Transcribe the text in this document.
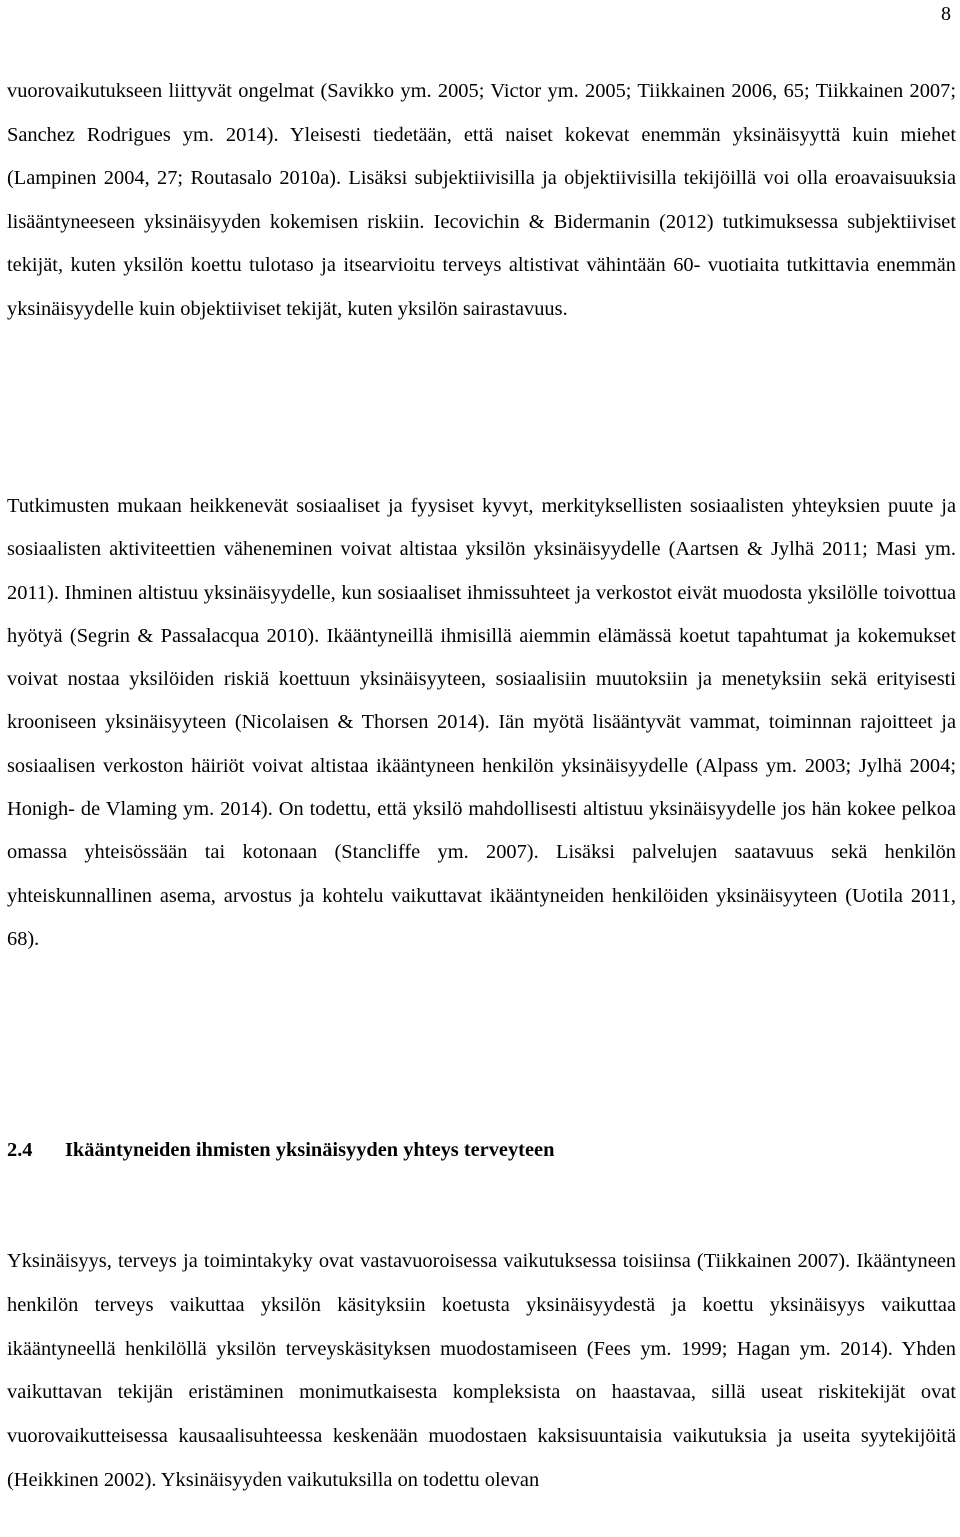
8

vuorovaikutukseen liittyvät ongelmat (Savikko ym. 2005; Victor ym. 2005; Tiikkainen 2006, 65; Tiikkainen 2007; Sanchez Rodrigues ym. 2014). Yleisesti tiedetään, että naiset kokevat enemmän yksinäisyyttä kuin miehet (Lampinen 2004, 27; Routasalo 2010a). Lisäksi subjektiivisilla ja objektiivisilla tekijöillä voi olla eroavaisuuksia lisääntyneeseen yksinäisyyden kokemisen riskiin. Iecovichin & Bidermanin (2012) tutkimuksessa subjektiiviset tekijät, kuten yksilön koettu tulotaso ja itsearvioitu terveys altistivat vähintään 60- vuotiaita tutkittavia enemmän yksinäisyydelle kuin objektiiviset tekijät, kuten yksilön sairastavuus.

Tutkimusten mukaan heikkenevät sosiaaliset ja fyysiset kyvyt, merkityksellisten sosiaalisten yhteyksien puute ja sosiaalisten aktiviteettien väheneminen voivat altistaa yksilön yksinäisyydelle (Aartsen & Jylhä 2011; Masi ym. 2011). Ihminen altistuu yksinäisyydelle, kun sosiaaliset ihmissuhteet ja verkostot eivät muodosta yksilölle toivottua hyötyä (Segrin & Passalacqua 2010). Ikääntyneillä ihmisillä aiemmin elämässä koetut tapahtumat ja kokemukset voivat nostaa yksilöiden riskiä koettuun yksinäisyyteen, sosiaalisiin muutoksiin ja menetyksiin sekä erityisesti krooniseen yksinäisyyteen (Nicolaisen & Thorsen 2014). Iän myötä lisääntyvät vammat, toiminnan rajoitteet ja sosiaalisen verkoston häiriöt voivat altistaa ikääntyneen henkilön yksinäisyydelle (Alpass ym. 2003; Jylhä 2004; Honigh- de Vlaming ym. 2014). On todettu, että yksilö mahdollisesti altistuu yksinäisyydelle jos hän kokee pelkoa omassa yhteisössään tai kotonaan (Stancliffe ym. 2007). Lisäksi palvelujen saatavuus sekä henkilön yhteiskunnallinen asema, arvostus ja kohtelu vaikuttavat ikääntyneiden henkilöiden yksinäisyyteen (Uotila 2011, 68).

2.4 Ikääntyneiden ihmisten yksinäisyyden yhteys terveyteen

Yksinäisyys, terveys ja toimintakyky ovat vastavuoroisessa vaikutuksessa toisiinsa (Tiikkainen 2007). Ikääntyneen henkilön terveys vaikuttaa yksilön käsityksiin koetusta yksinäisyydestä ja koettu yksinäisyys vaikuttaa ikääntyneellä henkilöllä yksilön terveyskäsityksen muodostamiseen (Fees ym. 1999; Hagan ym. 2014). Yhden vaikuttavan tekijän eristäminen monimutkaisesta kompleksista on haastavaa, sillä useat riskitekijät ovat vuorovaikutteisessa kausaalisuhteessa keskenään muodostaen kaksisuuntaisia vaikutuksia ja useita syytekijöitä (Heikkinen 2002). Yksinäisyyden vaikutuksilla on todettu olevan
